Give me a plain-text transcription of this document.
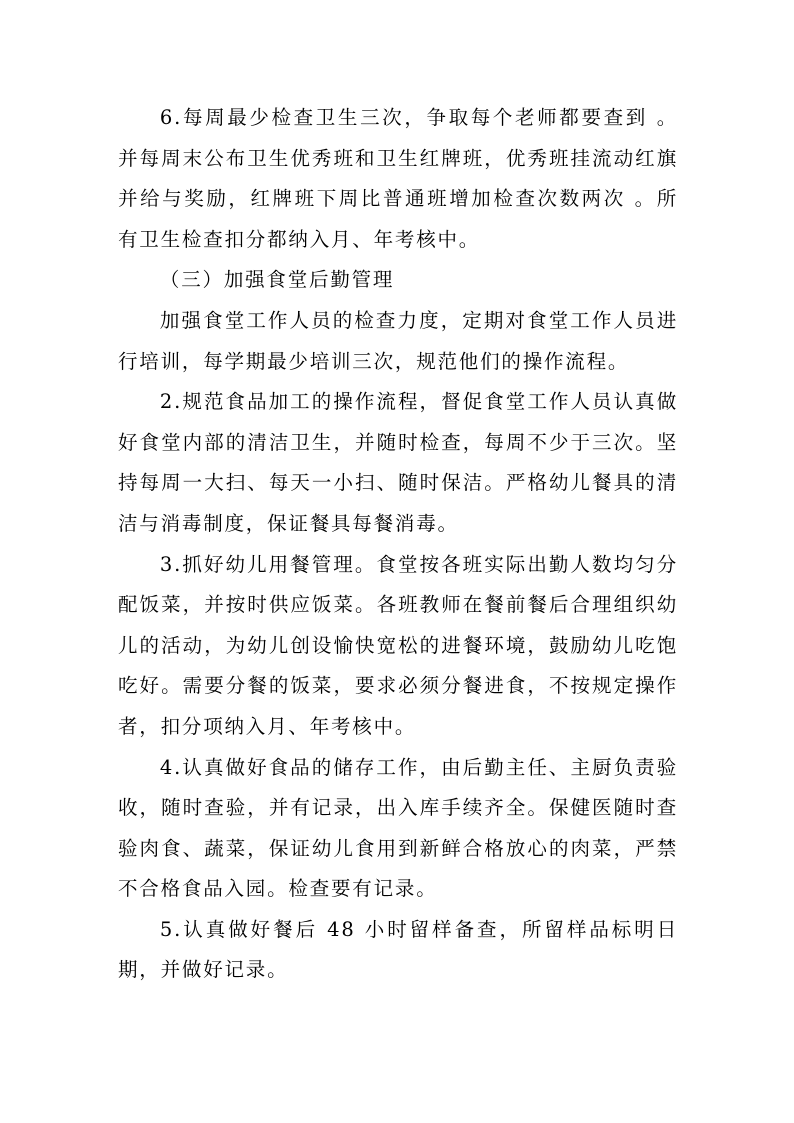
6.每周最少检查卫生三次，争取每个老师都要查到 。并每周末公布卫生优秀班和卫生红牌班，优秀班挂流动红旗并给与奖励，红牌班下周比普通班增加检查次数两次 。所有卫生检查扣分都纳入月、年考核中。

（三）加强食堂后勤管理

加强食堂工作人员的检查力度，定期对食堂工作人员进行培训，每学期最少培训三次，规范他们的操作流程。

2.规范食品加工的操作流程，督促食堂工作人员认真做好食堂内部的清洁卫生，并随时检查，每周不少于三次。坚持每周一大扫、每天一小扫、随时保洁。严格幼儿餐具的清洁与消毒制度，保证餐具每餐消毒。

3.抓好幼儿用餐管理。食堂按各班实际出勤人数均匀分配饭菜，并按时供应饭菜。各班教师在餐前餐后合理组织幼儿的活动，为幼儿创设愉快宽松的进餐环境，鼓励幼儿吃饱吃好。需要分餐的饭菜，要求必须分餐进食，不按规定操作者，扣分项纳入月、年考核中。

4.认真做好食品的储存工作，由后勤主任、主厨负责验收，随时查验，并有记录，出入库手续齐全。保健医随时查验肉食、蔬菜，保证幼儿食用到新鲜合格放心的肉菜，严禁不合格食品入园。检查要有记录。

5.认真做好餐后 48 小时留样备查，所留样品标明日期，并做好记录。
